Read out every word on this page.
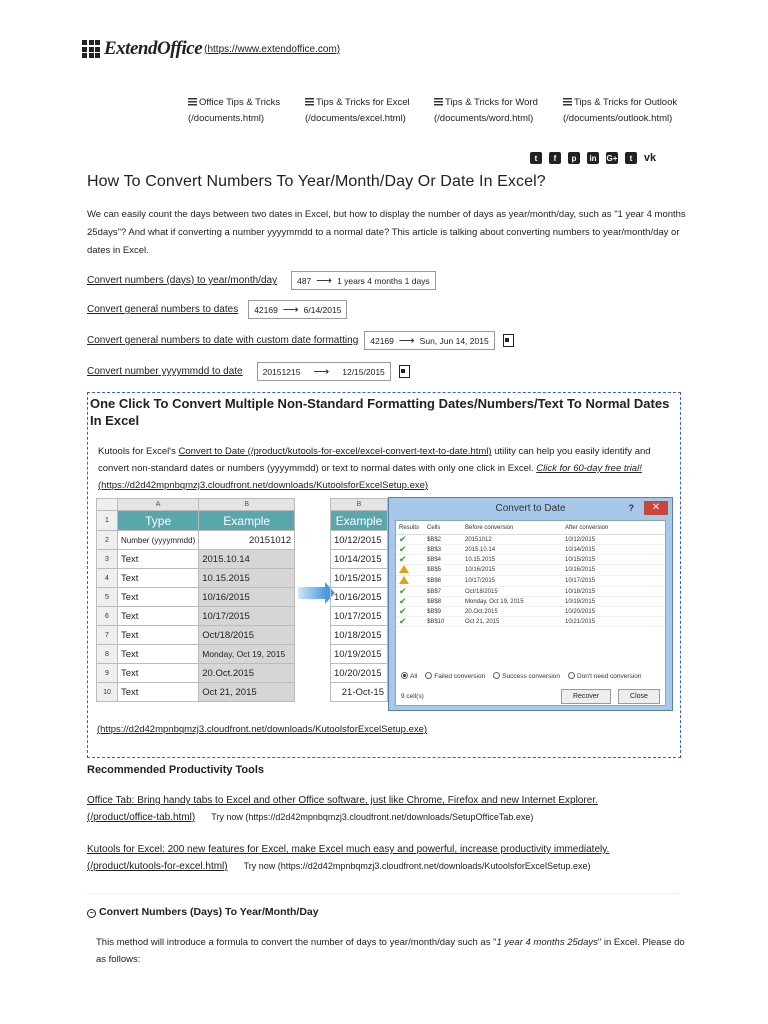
ExtendOffice (https://www.extendoffice.com)
Office Tips & Tricks
(/documents.html)
Tips & Tricks for Excel
(/documents/excel.html)
Tips & Tricks for Word
(/documents/word.html)
Tips & Tricks for Outlook
(/documents/outlook.html)
t	f	p	in	G+	t	vk
How To Convert Numbers To Year/Month/Day Or Date In Excel?

We can easily count the days between two dates in Excel, but how to display the number of days as year/month/day, such as "1 year 4 months 25days"? And what if converting a number yyyymmdd to a normal date? This article is talking about converting numbers to year/month/day or dates in Excel.

Convert numbers (days) to year/month/day 487 ⟶ 1 years 4 months 1 days
Convert general numbers to dates 42169 ⟶ 6/14/2015
Convert general numbers to date with custom date formatting 42169 ⟶ Sun, Jun 14, 2015
Convert number yyyymmdd to date 20151215 ⟶ 12/15/2015
One Click To Convert Multiple Non-Standard Formatting Dates/Numbers/Text To Normal Dates In Excel
Kutools for Excel's Convert to Date (/product/kutools-for-excel/excel-convert-text-to-date.html) utility can help you easily identify and convert non-standard dates or numbers (yyyymmdd) or text to normal dates with only one click in Excel. Click for 60-day free trial! (https://d2d42mpnbqmzj3.cloudfront.net/downloads/KutoolsforExcelSetup.exe)
(https://d2d42mpnbqmzj3.cloudfront.net/downloads/KutoolsforExcelSetup.exe)
	A	B
1	Type	Example
2	Number (yyyymmdd)	20151012
3	Text	2015.10.14
4	Text	10.15.2015
5	Text	10/16/2015
6	Text	10/17/2015
7	Text	Oct/18/2015
8	Text	Monday, Oct 19, 2015
9	Text	20.Oct.2015
10	Text	Oct 21, 2015
B
Example
10/12/2015
10/14/2015
10/15/2015
10/16/2015
10/17/2015
10/18/2015
10/19/2015
10/20/2015
21-Oct-15
Convert to Date	?	✕
Results	Cells	Before conversion	After conversion
✔	$B$2	20151012	10/12/2015
✔	$B$3	2015.10.14	10/14/2015
✔	$B$4	10.15.2015	10/15/2015
	$B$5	10/16/2015	10/16/2015
	$B$6	10/17/2015	10/17/2015
✔	$B$7	Oct/18/2015	10/18/2015
✔	$B$8	Monday, Oct 19, 2015	10/19/2015
✔	$B$9	20.Oct.2015	10/20/2015
✔	$B$10	Oct 21, 2015	10/21/2015
All	Failed conversion	Success conversion	Don't need conversion
9 cell(s)	Recover	Close
Recommended Productivity Tools
Office Tab: Bring handy tabs to Excel and other Office software, just like Chrome, Firefox and new Internet Explorer.
(/product/office-tab.html) Try now (https://d2d42mpnbqmzj3.cloudfront.net/downloads/SetupOfficeTab.exe)
Kutools for Excel: 200 new features for Excel, make Excel much easy and powerful, increase productivity immediately.
(/product/kutools-for-excel.html) Try now (https://d2d42mpnbqmzj3.cloudfront.net/downloads/KutoolsforExcelSetup.exe)
− Convert Numbers (Days) To Year/Month/Day

This method will introduce a formula to convert the number of days to year/month/day such as "1 year 4 months 25days" in Excel. Please do as follows:
